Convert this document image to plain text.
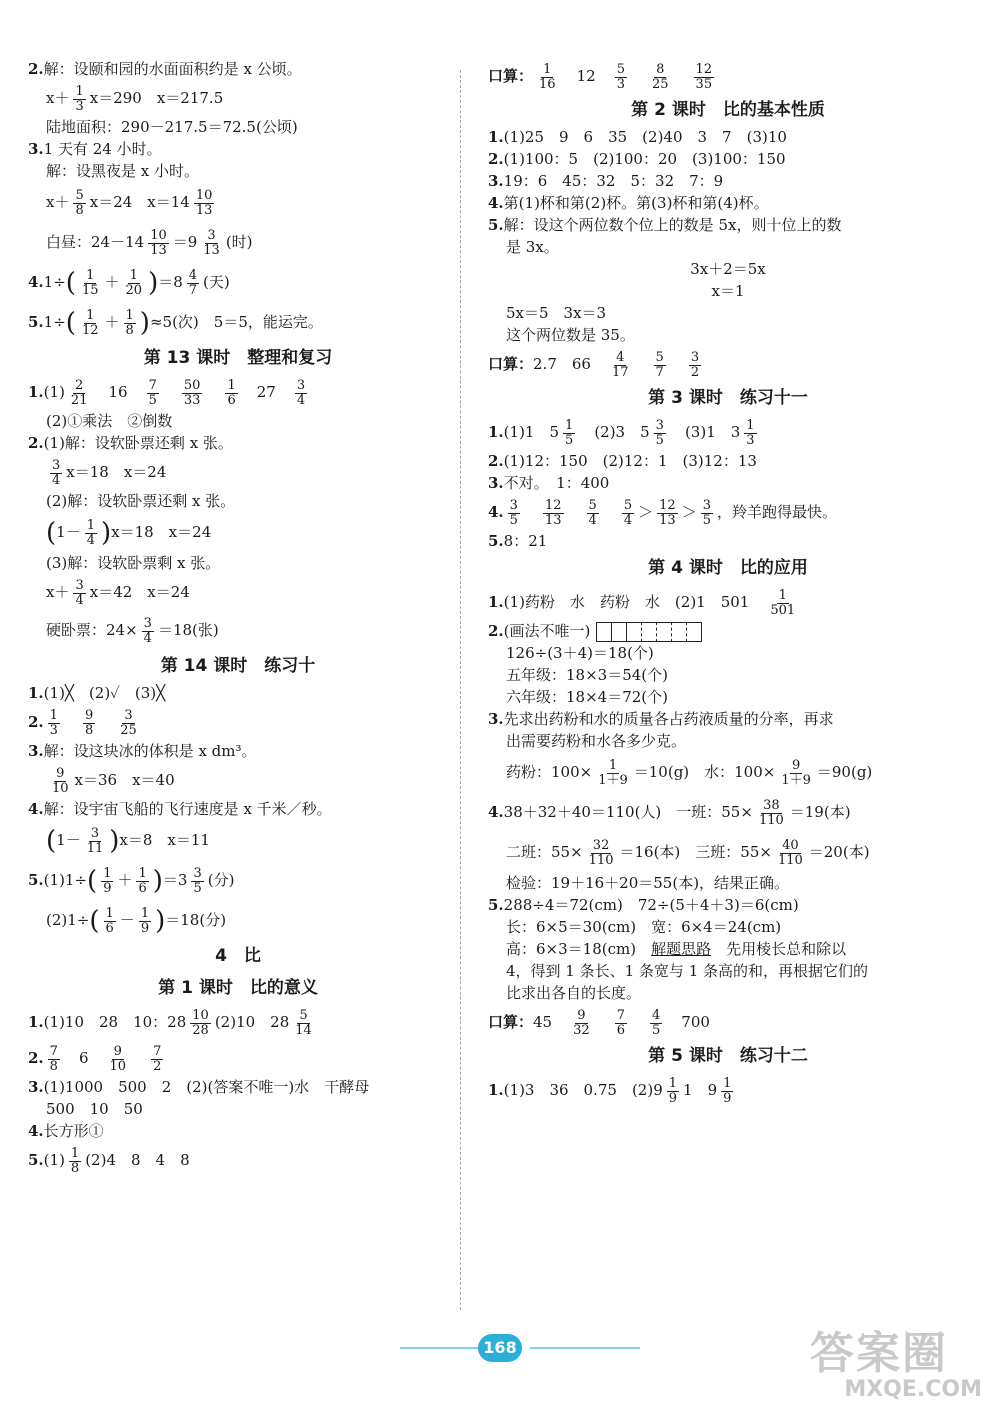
2.解：设颐和园的水面面积约是 x 公顷。
$x+ \frac{1}{3} x=290$　x＝217.5
陆地面积：290－217.5＝72.5(公顷)
3.1 天有 24 小时。
解：设黑夜是 x 小时。
$x+ \frac{5}{8} x=24$　$x=14 \frac{10}{13}$
白昼：$24-14 \frac{10}{13} =9 \frac{3}{13}$ (时)
$4.1\div( \frac{1}{15} + \frac{1}{20} )=8 \frac{4}{7}$ (天)
$5.1\div( \frac{1}{12} + \frac{1}{8} )\approx 5$(次)　5＝5，能运完。
第 13 课时　整理和复习
$1.(1) \frac{2}{21}$
　 16　 $\frac{7}{5}$
　 $\frac{50}{33}$
　 $\frac{1}{6}$
　 27　 $\frac{3}{4}$
(2)①乘法　②倒数
2.(1)解：设软卧票还剩 x 张。
$\frac{3}{4} x=18$　x＝24
(2)解：设软卧票还剩 x 张。
$(1- \frac{1}{4} )x=18$　x＝24
(3)解：设软卧票剩 x 张。
$x+ \frac{3}{4} x=42$　x＝24
硬卧票：$24\times \frac{3}{4} =18$(张)
第 14 课时　练习十
1.(1)╳　(2)✓　(3)╳
2. $\frac{1}{3}$
　 $\frac{9}{8}$
　 $\frac{3}{25}$
3.解：设这块冰的体积是 x dm³。
$\frac{9}{10} x=36$　x＝40
4.解：设宇宙飞船的飞行速度是 x 千米／秒。
$(1- \frac{3}{11} )x=8$　x＝11
$5.(1)1\div( \frac{1}{9} + \frac{1}{6} )=3 \frac{3}{5}$ (分)
$(2)1\div( \frac{1}{6} - \frac{1}{9} )=18$(分)
4　比
第 1 课时　比的意义
1.(1)10　28　10：$28 \frac{10}{28} (2)10$　$28 \frac{5}{14}$
2. $\frac{7}{8}$
　 6　 $\frac{9}{10}$
　 $\frac{7}{2}$
3.(1)1000　500　2　(2)(答案不唯一)水　干酵母
500　10　50
4.长方形①
$5.(1) \frac{1}{8} (2)4$　8　4　8
口算： $\frac{1}{16}$
　 12　 $\frac{5}{3}$
　 $\frac{8}{25}$
　 $\frac{12}{35}$
第 2 课时　比的基本性质
1.(1)25　9　6　35　(2)40　3　7　(3)10
2.(1)100：5　(2)100：20　(3)100：150
3.19：6　45：32　5：32　7：9
4.第(1)杯和第(2)杯。第(3)杯和第(4)杯。
5.解：设这个两位数个位上的数是 5x，则十位上的数
是 3x。
3x＋2＝5x
x＝1
5x＝5　3x＝3
这个两位数是 35。
口算：2.7　66　 $\frac{4}{17}$
　 $\frac{5}{7}$
　 $\frac{3}{2}$
第 3 课时　练习十一
1.(1)1　$5 \frac{1}{5}$
　 (2)3　$5 \frac{3}{5}$
　 (3)1　$3 \frac{1}{3}$
2.(1)12：150　(2)12：1　(3)12：13
3.不对。　1：400
4. $\frac{3}{5}$
　 $\frac{12}{13}$
　 $\frac{5}{4}$
　 $\frac{5}{4} > \frac{12}{13} > \frac{3}{5}$ ，羚羊跑得最快。
5.8：21
第 4 课时　比的应用
1.(1)药粉　水　药粉　水　(2)1　501　 $\frac{1}{501}$
2.(画法不唯一)
126÷(3＋4)＝18(个)
五年级：18×3＝54(个)
六年级：18×4＝72(个)
3.先求出药粉和水的质量各占药液质量的分率，再求
出需要药粉和水各多少克。
药粉：$100\times \frac{1}{1+9} =10(g)$　水：$100\times \frac{9}{1+9} =90(g)$
4.38＋32＋40＝110(人)　一班：$55\times \frac{38}{110} =19$(本)
二班：$55\times \frac{32}{110} =16$(本)　三班：$55\times \frac{40}{110} =20$(本)
检验：19＋16＋20＝55(本)，结果正确。
5.288÷4＝72(cm)　72÷(5＋4＋3)＝6(cm)
长：6×5＝30(cm)　宽：6×4＝24(cm)
高：6×3＝18(cm)　解题思路　先用棱长总和除以
4，得到 1 条长、1 条宽与 1 条高的和，再根据它们的
比求出各自的长度。
口算：45　 $\frac{9}{32}$
　 $\frac{7}{6}$
　 $\frac{4}{5}$
　 700
第 5 课时　练习十二
1.(1)3　36　0.75　$(2)9 \frac{1}{9} 1$　$9 \frac{1}{9}$
168	答案圈
MXQE.COM
